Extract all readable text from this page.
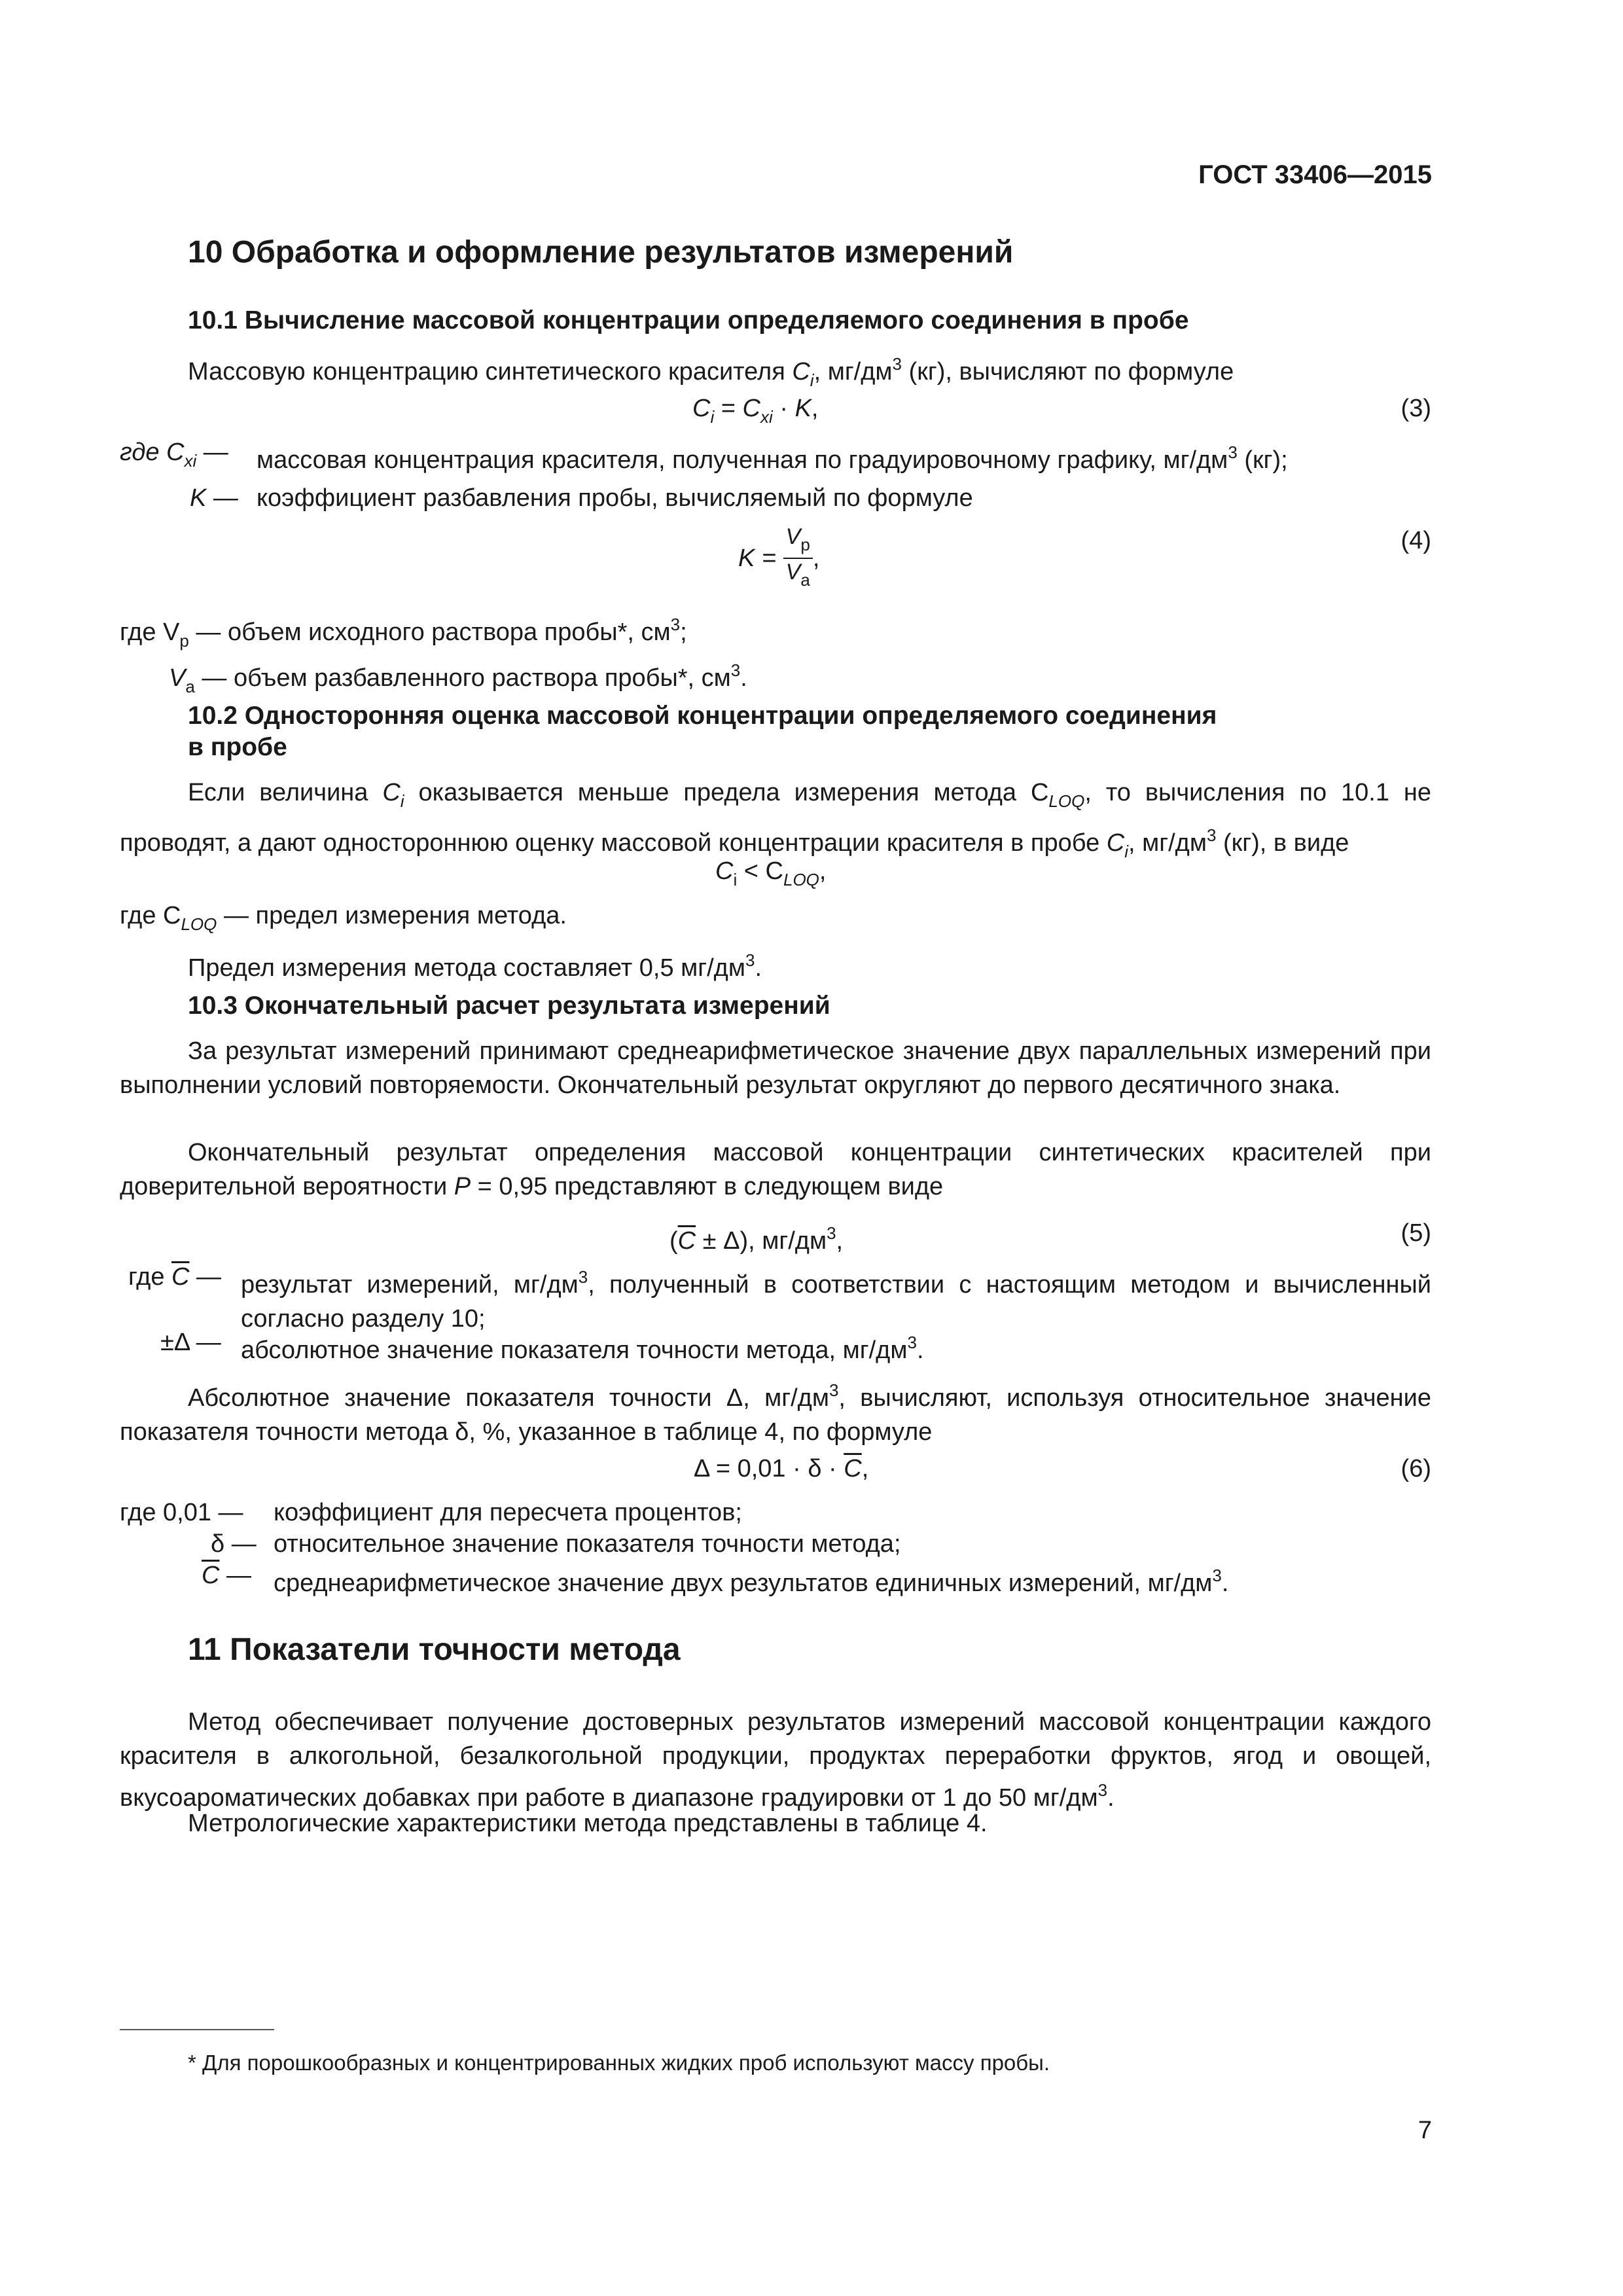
ГОСТ 33406—2015
10 Обработка и оформление результатов измерений
10.1 Вычисление массовой концентрации определяемого соединения в пробе
Массовую концентрацию синтетического красителя $C_i$, $мг/дм^3$ (кг), вычисляют по формуле
$C_i = C_{xi} \cdot K$,	(3)
где $C_{xi}$ — массовая концентрация красителя, полученная по градуировочному графику, $мг/дм^3$ (кг);
K — коэффициент разбавления пробы, вычисляемый по формуле
$K = \frac{V_p}{V_a}$ ,
(4)
где $V_p$ — объем исходного раствора пробы*, $см^3$;
$V_a$ — объем разбавленного раствора пробы*, $см^3$.
10.2 Односторонняя оценка массовой концентрации определяемого соединения
в пробе
Если величина $C_i$ оказывается меньше предела измерения метода $C_{LOQ}$, то вычисления по 10.1 не проводят, а дают одностороннюю оценку массовой концентрации красителя в пробе $C_i$, $мг/дм^3$ (кг), в виде
$C_i < C_{LOQ}$,
где $C_{LOQ}$ — предел измерения метода.
Предел измерения метода составляет 0,5 $мг/дм^3$.
10.3 Окончательный расчет результата измерений
За результат измерений принимают среднеарифметическое значение двух параллельных измерений при выполнении условий повторяемости. Окончательный результат округляют до первого десятичного знака.
Окончательный результат определения массовой концентрации синтетических красителей при доверительной вероятности P = 0,95 представляют в следующем виде
$(\overline{C} \pm \Delta)$, $мг/дм^3$,	(5)
где $\overline{C}$ — результат измерений, $мг/дм^3$, полученный в соответствии с настоящим методом и вычисленный согласно разделу 10;
±Δ — абсолютное значение показателя точности метода, $мг/дм^3$.
Абсолютное значение показателя точности Δ, $мг/дм^3$, вычисляют, используя относительное значение показателя точности метода δ, %, указанное в таблице 4, по формуле
$\Delta = 0,01 \cdot \delta \cdot \overline{C}$,	(6)
где 0,01 — коэффициент для пересчета процентов;
δ — относительное значение показателя точности метода;
$\overline{C}$ — среднеарифметическое значение двух результатов единичных измерений, $мг/дм^3$.
11 Показатели точности метода
Метод обеспечивает получение достоверных результатов измерений массовой концентрации каждого красителя в алкогольной, безалкогольной продукции, продуктах переработки фруктов, ягод и овощей, вкусоароматических добавках при работе в диапазоне градуировки от 1 до 50 $мг/дм^3$.
Метрологические характеристики метода представлены в таблице 4.
* Для порошкообразных и концентрированных жидких проб используют массу пробы.
7
